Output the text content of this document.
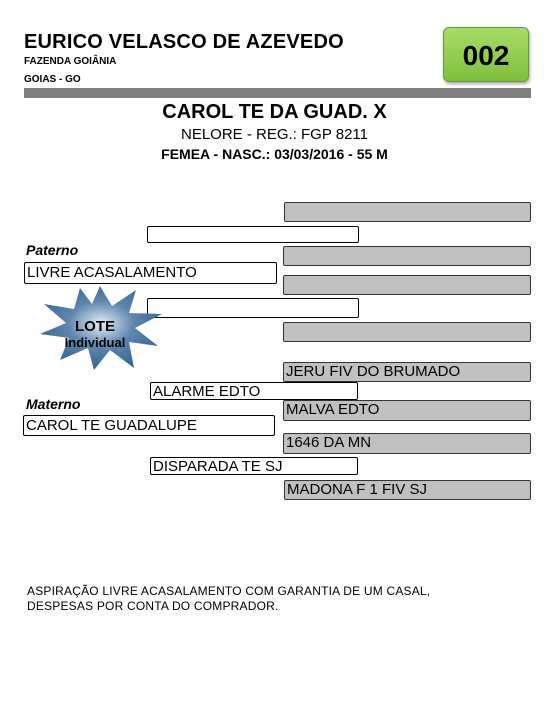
EURICO VELASCO DE AZEVEDO
FAZENDA GOIÂNIA
GOIAS - GO
002
CAROL TE DA GUAD. X
NELORE - REG.: FGP 8211
FEMEA - NASC.: 03/03/2016 - 55 M
Paterno
LIVRE ACASALAMENTO
LOTE
Individual
JERU FIV DO BRUMADO
ALARME EDTO
Materno	MALVA EDTO
CAROL TE GUADALUPE
1646 DA MN
DISPARADA TE SJ
MADONA F 1 FIV SJ
ASPIRAÇÃO LIVRE ACASALAMENTO COM GARANTIA DE UM CASAL,
DESPESAS POR CONTA DO COMPRADOR.
